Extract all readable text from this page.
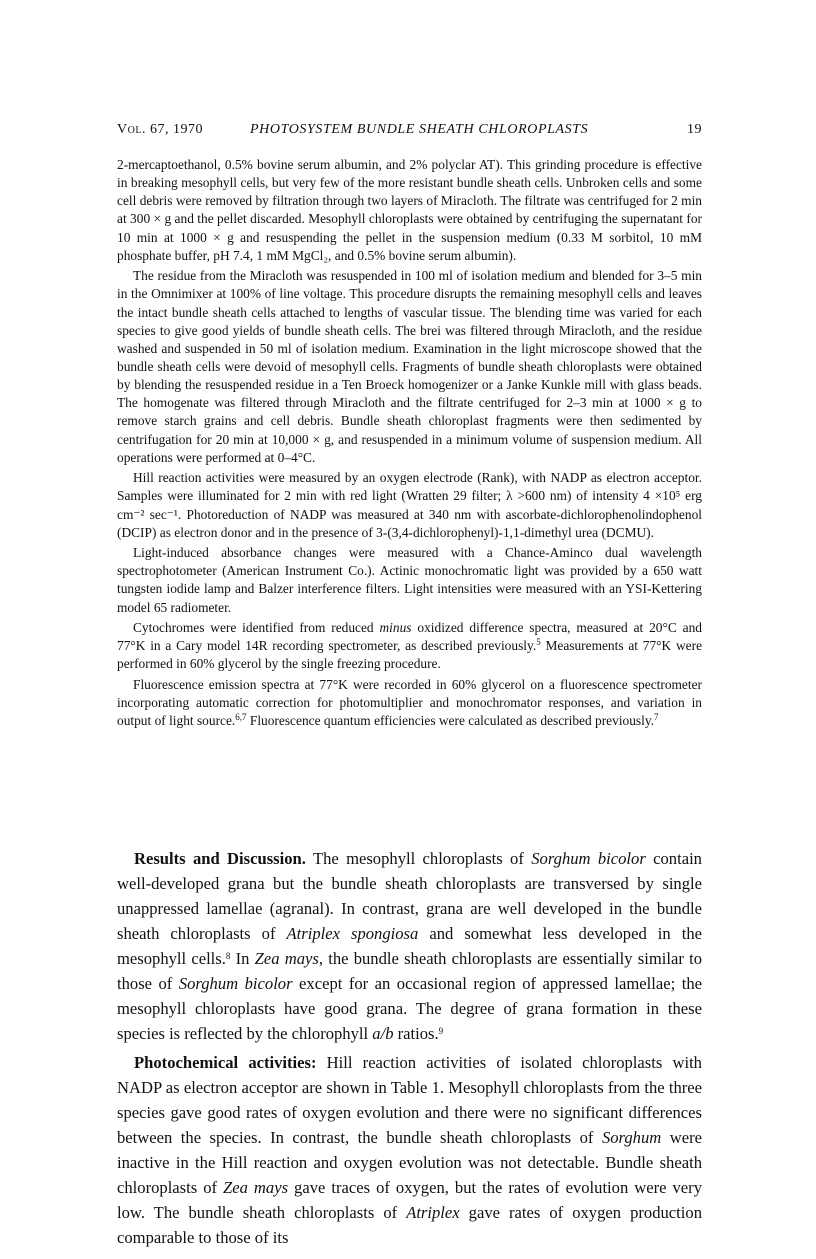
Vol. 67, 1970	PHOTOSYSTEM BUNDLE SHEATH CHLOROPLASTS	19

2-mercaptoethanol, 0.5% bovine serum albumin, and 2% polyclar AT). This grinding procedure is effective in breaking mesophyll cells, but very few of the more resistant bundle sheath cells. Unbroken cells and some cell debris were removed by filtration through two layers of Miracloth. The filtrate was centrifuged for 2 min at 300 × g and the pellet discarded. Mesophyll chloroplasts were obtained by centrifuging the supernatant for 10 min at 1000 × g and resuspending the pellet in the suspension medium (0.33 M sorbitol, 10 mM phosphate buffer, pH 7.4, 1 mM MgCl₂, and 0.5% bovine serum albumin).

The residue from the Miracloth was resuspended in 100 ml of isolation medium and blended for 3–5 min in the Omnimixer at 100% of line voltage. This procedure disrupts the remaining mesophyll cells and leaves the intact bundle sheath cells attached to lengths of vascular tissue. The blending time was varied for each species to give good yields of bundle sheath cells. The brei was filtered through Miracloth, and the residue washed and suspended in 50 ml of isolation medium. Examination in the light microscope showed that the bundle sheath cells were devoid of mesophyll cells. Fragments of bundle sheath chloroplasts were obtained by blending the resuspended residue in a Ten Broeck homogenizer or a Janke Kunkle mill with glass beads. The homogenate was filtered through Miracloth and the filtrate centrifuged for 2–3 min at 1000 × g to remove starch grains and cell debris. Bundle sheath chloroplast fragments were then sedimented by centrifugation for 20 min at 10,000 × g, and resuspended in a minimum volume of suspension medium. All operations were performed at 0–4°C.

Hill reaction activities were measured by an oxygen electrode (Rank), with NADP as electron acceptor. Samples were illuminated for 2 min with red light (Wratten 29 filter; λ >600 nm) of intensity 4 ×10⁵ erg cm⁻² sec⁻¹. Photoreduction of NADP was measured at 340 nm with ascorbate-dichlorophenolindophenol (DCIP) as electron donor and in the presence of 3-(3,4-dichlorophenyl)-1,1-dimethyl urea (DCMU).

Light-induced absorbance changes were measured with a Chance-Aminco dual wavelength spectrophotometer (American Instrument Co.). Actinic monochromatic light was provided by a 650 watt tungsten iodide lamp and Balzer interference filters. Light intensities were measured with an YSI-Kettering model 65 radiometer.

Cytochromes were identified from reduced minus oxidized difference spectra, measured at 20°C and 77°K in a Cary model 14R recording spectrometer, as described previously.$^5$ Measurements at 77°K were performed in 60% glycerol by the single freezing procedure.

Fluorescence emission spectra at 77°K were recorded in 60% glycerol on a fluorescence spectrometer incorporating automatic correction for photomultiplier and monochromator responses, and variation in output of light source.$^{6,7}$ Fluorescence quantum efficiencies were calculated as described previously.$^7$

Results and Discussion. The mesophyll chloroplasts of Sorghum bicolor contain well-developed grana but the bundle sheath chloroplasts are transversed by single unappressed lamellae (agranal). In contrast, grana are well developed in the bundle sheath chloroplasts of Atriplex spongiosa and somewhat less developed in the mesophyll cells.$^8$ In Zea mays, the bundle sheath chloroplasts are essentially similar to those of Sorghum bicolor except for an occasional region of appressed lamellae; the mesophyll chloroplasts have good grana. The degree of grana formation in these species is reflected by the chlorophyll a/b ratios.$^9$

Photochemical activities: Hill reaction activities of isolated chloroplasts with NADP as electron acceptor are shown in Table 1. Mesophyll chloroplasts from the three species gave good rates of oxygen evolution and there were no significant differences between the species. In contrast, the bundle sheath chloroplasts of Sorghum were inactive in the Hill reaction and oxygen evolution was not detectable. Bundle sheath chloroplasts of Zea mays gave traces of oxygen, but the rates of evolution were very low. The bundle sheath chloroplasts of Atriplex gave rates of oxygen production comparable to those of its
